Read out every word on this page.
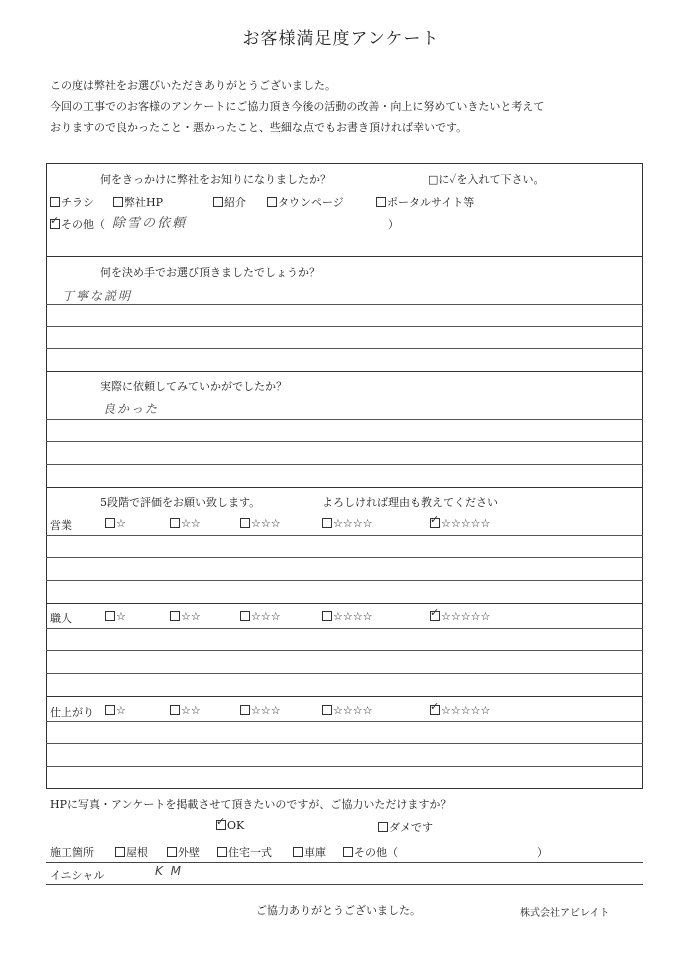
お客様満足度アンケート
この度は弊社をお選びいただきありがとうございました。
今回の工事でのお客様のアンケートにご協力頂き今後の活動の改善・向上に努めていきたいと考えて
おりますので良かったこと・悪かったこと、些細な点でもお書き頂ければ幸いです。
何をきっかけに弊社をお知りになりましたか？	□に✓を入れて下さい。
チラシ	弊社HP	紹介	タウンページ	ポータルサイト等
✓その他（ 除雪の依頼	）
何を決め手でお選び頂きましたでしょうか？
丁寧な説明
実際に依頼してみていかがでしたか？
良かった
5段階で評価をお願い致します。	よろしければ理由も教えてください
営業	☆	☆☆	☆☆☆	☆☆☆☆ ✓	☆☆☆☆☆
職人	☆	☆☆	☆☆☆	☆☆☆☆ ✓	☆☆☆☆☆
仕上がり	☆	☆☆	☆☆☆	☆☆☆☆ ✓	☆☆☆☆☆
HPに写真・アンケートを掲載させて頂きたいのですが、ご協力いただけますか？
✓OK	ダメです
施工箇所	屋根	外壁	住宅一式	車庫	その他（	）
イニシャル	K M
ご協力ありがとうございました。	株式会社アビレイト
